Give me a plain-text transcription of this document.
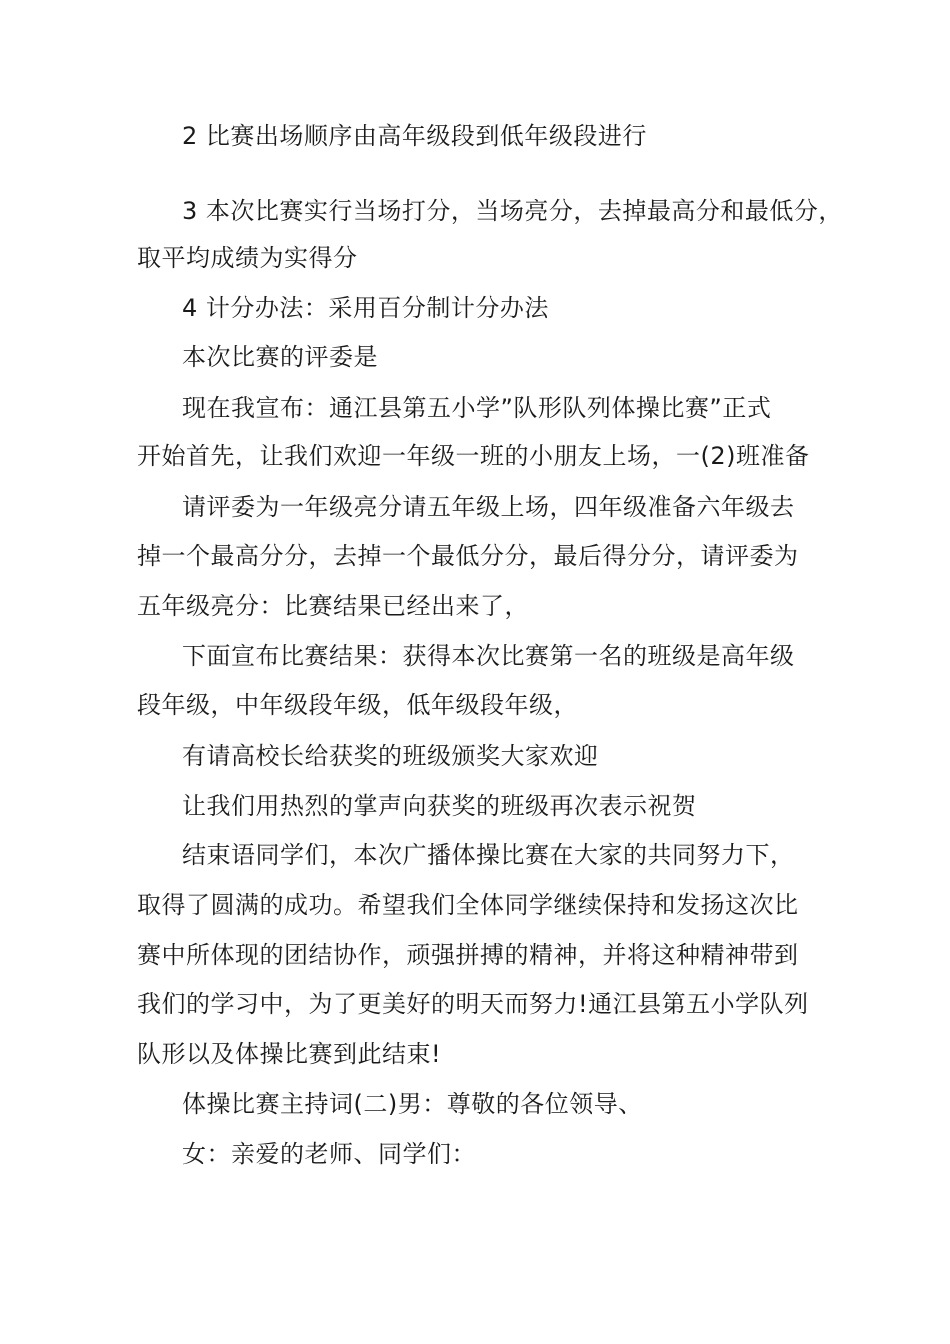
2 比赛出场顺序由高年级段到低年级段进行
3 本次比赛实行当场打分，当场亮分，去掉最高分和最低分，
取平均成绩为实得分
4 计分办法：采用百分制计分办法
本次比赛的评委是
现在我宣布：通江县第五小学”队形队列体操比赛”正式
开始首先，让我们欢迎一年级一班的小朋友上场，一(2)班准备
请评委为一年级亮分请五年级上场，四年级准备六年级去
掉一个最高分分，去掉一个最低分分，最后得分分，请评委为
五年级亮分：比赛结果已经出来了，
下面宣布比赛结果：获得本次比赛第一名的班级是高年级
段年级，中年级段年级，低年级段年级，
有请高校长给获奖的班级颁奖大家欢迎
让我们用热烈的掌声向获奖的班级再次表示祝贺
结束语同学们，本次广播体操比赛在大家的共同努力下，
取得了圆满的成功。希望我们全体同学继续保持和发扬这次比
赛中所体现的团结协作，顽强拼搏的精神，并将这种精神带到
我们的学习中，为了更美好的明天而努力!通江县第五小学队列
队形以及体操比赛到此结束!
体操比赛主持词(二)男：尊敬的各位领导、
女：亲爱的老师、同学们：
